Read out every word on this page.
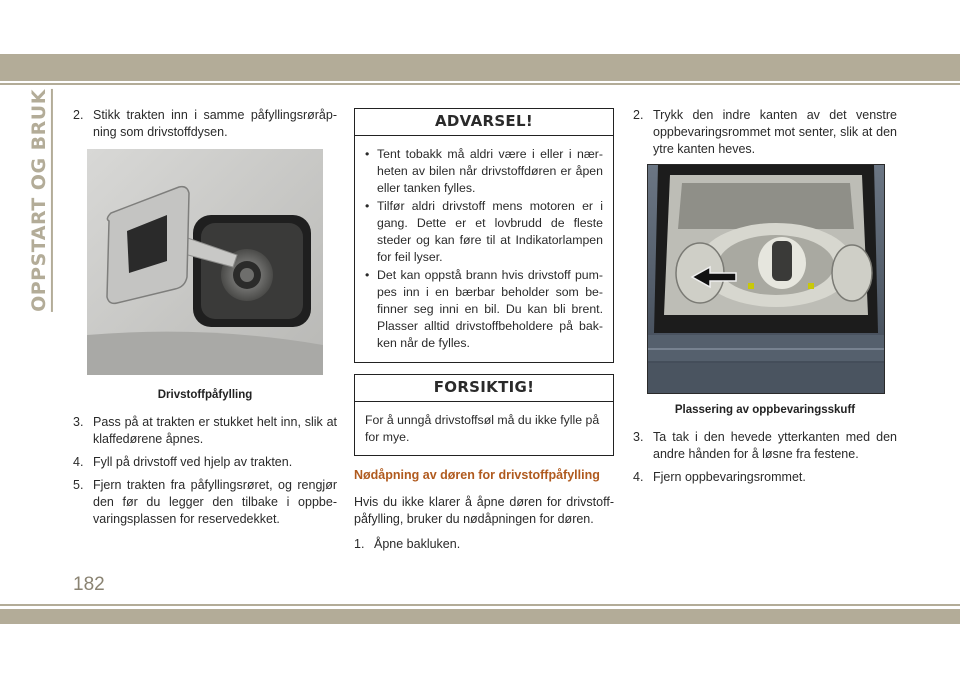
OPPSTART OG BRUK 2. Stikk trakten inn i samme påfyllingsrøråpning som drivstoffdysen.
Drivstoffpåfylling
3. Pass på at trakten er stukket helt inn, slik at klaffedørene åpnes.
4. Fyll på drivstoff ved hjelp av trakten.
5. Fjern trakten fra påfyllingsrøret, og rengjør den før du legger den tilbake i oppbevaringsplassen for reservedekket.
ADVARSEL!
• Tent tobakk må aldri være i eller i nærheten av bilen når drivstoffdøren er åpen eller tanken fylles.
• Tilfør aldri drivstoff mens motoren er i gang. Dette er et lovbrudd de fleste steder og kan føre til at Indikatorlampen for feil lyser.
• Det kan oppstå brann hvis drivstoff pumpes inn i en bærbar beholder som befinner seg inni en bil. Du kan bli brent. Plasser alltid drivstoffbeholdere på bakken når de fylles.
FORSIKTIG!
For å unngå drivstoffsøl må du ikke fylle på for mye.
Nødåpning av døren for drivstoffpåfylling
Hvis du ikke klarer å åpne døren for drivstoffpåfylling, bruker du nødåpningen for døren.
1. Åpne bakluken.
2. Trykk den indre kanten av det venstre oppbevaringsrommet mot senter, slik at den ytre kanten heves.
Plassering av oppbevaringsskuff
3. Ta tak i den hevede ytterkanten med den andre hånden for å løsne fra festene.
4. Fjern oppbevaringsrommet.
182
